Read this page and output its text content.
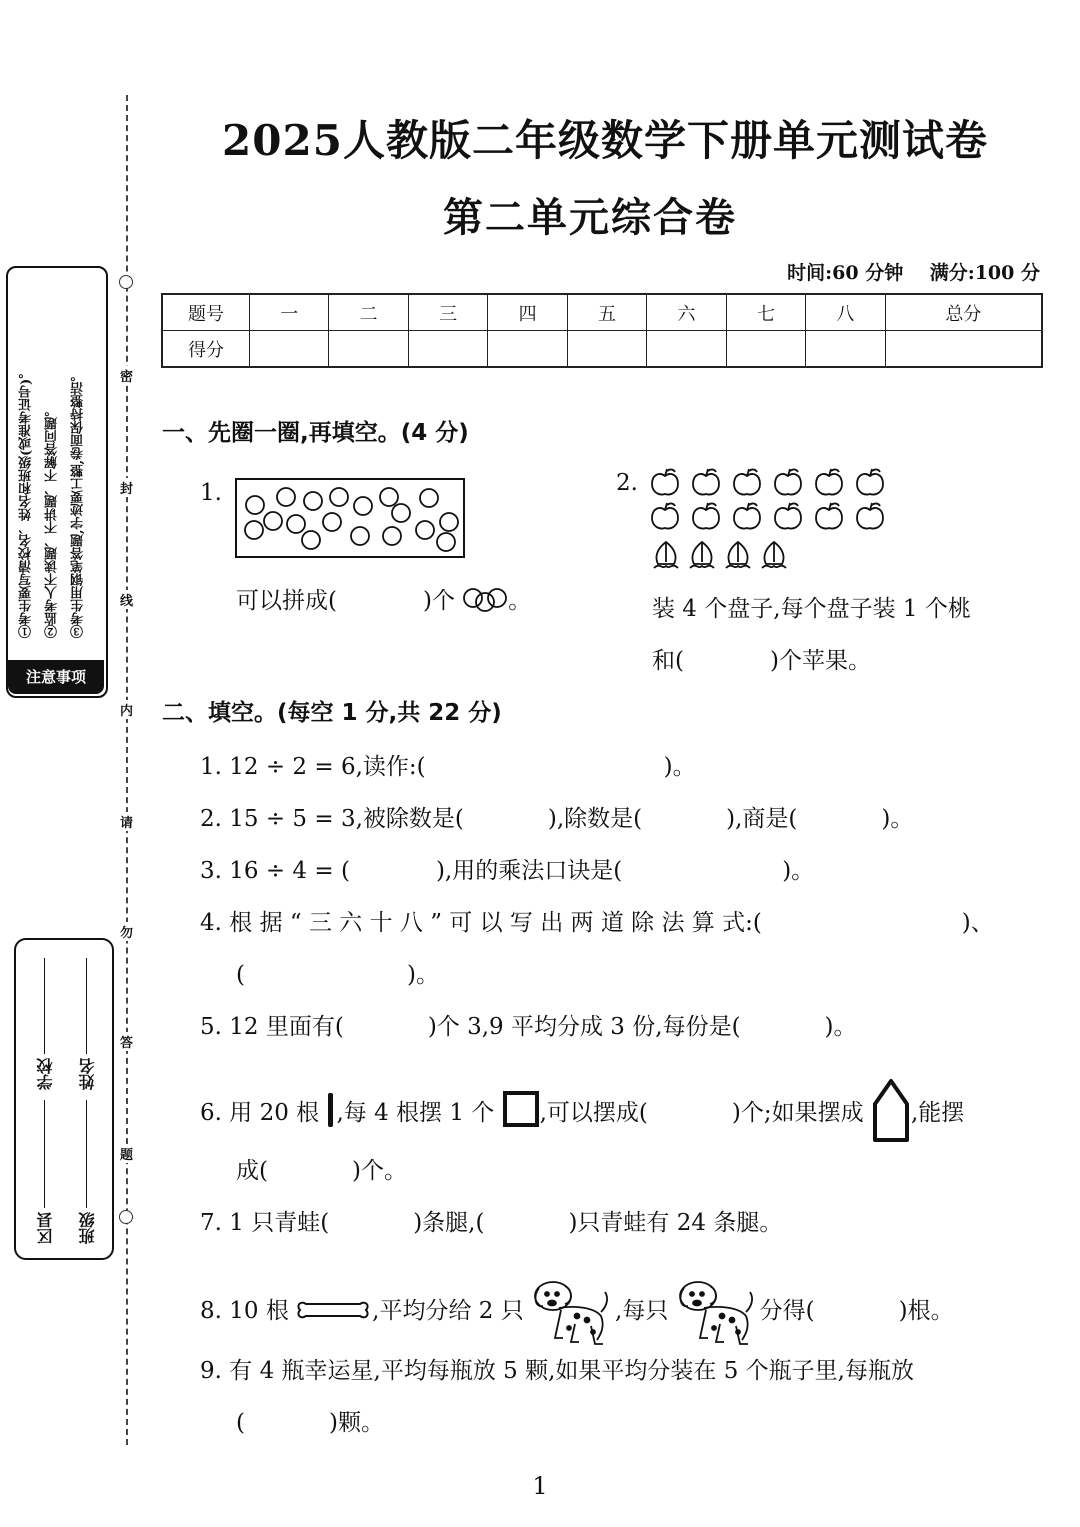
2025人教版二年级数学下册单元测试卷
第二单元综合卷
时间:60 分钟 满分:100 分
题号	一	二	三	四	五	六	七	八	总分
得分									
密
封
线
内
请
勿
答
题
①考生要写清校名、姓名和班级(或准考证号)。 ②监考人不读题、不讲题、不解答问题。 ③考生用钢笔答题,字迹要工整,卷面保持整洁。
注意事项
学校 姓名
区县 班级
一、先圈一圈,再填空。(4 分)
1.
可以拼成(	)个 。
2.
装 4 个盘子,每个盘子装 1 个桃
和(	)个苹果。
二、填空。(每空 1 分,共 22 分)
1. 12 ÷ 2 = 6,读作:(	)。
2. 15 ÷ 5 = 3,被除数是(	),除数是(	),商是(	)。
3. 16 ÷ 4 = (	),用的乘法口诀是(	)。
4. 根 据 “ 三 六 十 八 ” 可 以 写 出 两 道 除 法 算 式:(	)、
(	)。
5. 12 里面有(	)个 3,9 平均分成 3 份,每份是(	)。
6. 用 20 根 ,每 4 根摆 1 个 ,可以摆成(	)个;如果摆成 ,能摆
成(	)个。
7. 1 只青蛙(	)条腿,(	)只青蛙有 24 条腿。
8. 10 根	,平均分给 2 只	,每只	分得(	)根。
9. 有 4 瓶幸运星,平均每瓶放 5 颗,如果平均分装在 5 个瓶子里,每瓶放
(	)颗。
1
